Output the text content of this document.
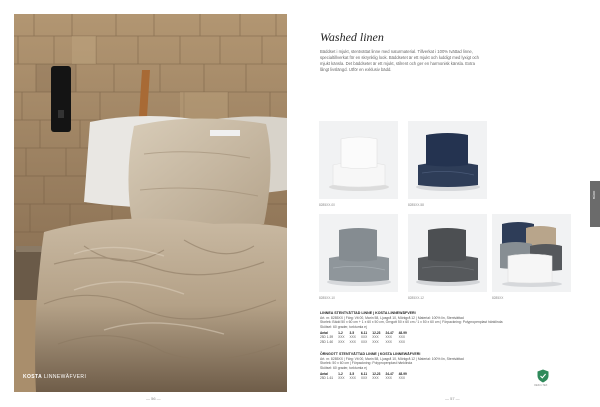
KOSTA LINNEWÄFVERI
— 56 —
Washed linen
Bäddset i mjukt, stentvättat linne med naturmaterial. Tillverkat i 100% tvättad linne, specialtillverkat för en skrynklig look. Bäddsetet är ett mjukt och luddigt med lyxigt och mjukt känsla. Det bäddsetet är ett mjukt, stilrent och ger en harmonisk känsla. Extra långt livslängd. Utför en exklusiv bädd.
8285XX-00	8285XX-58
8285XX-10	8285XX-12	8285XX
BÄDD
LINNEA STENTVÄTTAD LINNE | KOSTA LINNEWÄFVERI
Art. nr. 8285XX | Färg: Vit 00, Marin 58, Ljusgrå 10, Mörkgrå 12 | Material: 100% lin, Stentvättad
Storlek: Bädd 50 x 60 cm + 1 x 60 x 50 cm, Örngott 50 x 60 cm / 1 x 50 x 60 cm | Förpackning: Polypropenplast hänklinda
Skötsel: 60 grader, torktumla ej
Antal	1-2	3-5	6-11	12-23	24-47	48-99
25D 1-59	XXX	XXX	XXX	XXX	XXX	XXX
25D 1-60	XXX	XXX	XXX	XXX	XXX	XXX
ÖRNGOTT STENTVÄTTAD LINNE | KOSTA LINNEWÄFVERI
Art. nr. 8285XX | Färg: Vit 00, Marin 58, Ljusgrå 10, Mörkgrå 12 | Material: 100% lin, Stentvättad
Storlek: 50 x 60 cm | Förpackning: Polypropenplast hänklinda
Skötsel: 60 grader, torktumla ej
Antal	1-2	3-5	6-11	12-23	24-47	48-99
25D 1-61	XXX	XXX	XXX	XXX	XXX	XXX
OEKO-TEX
— 57 —
